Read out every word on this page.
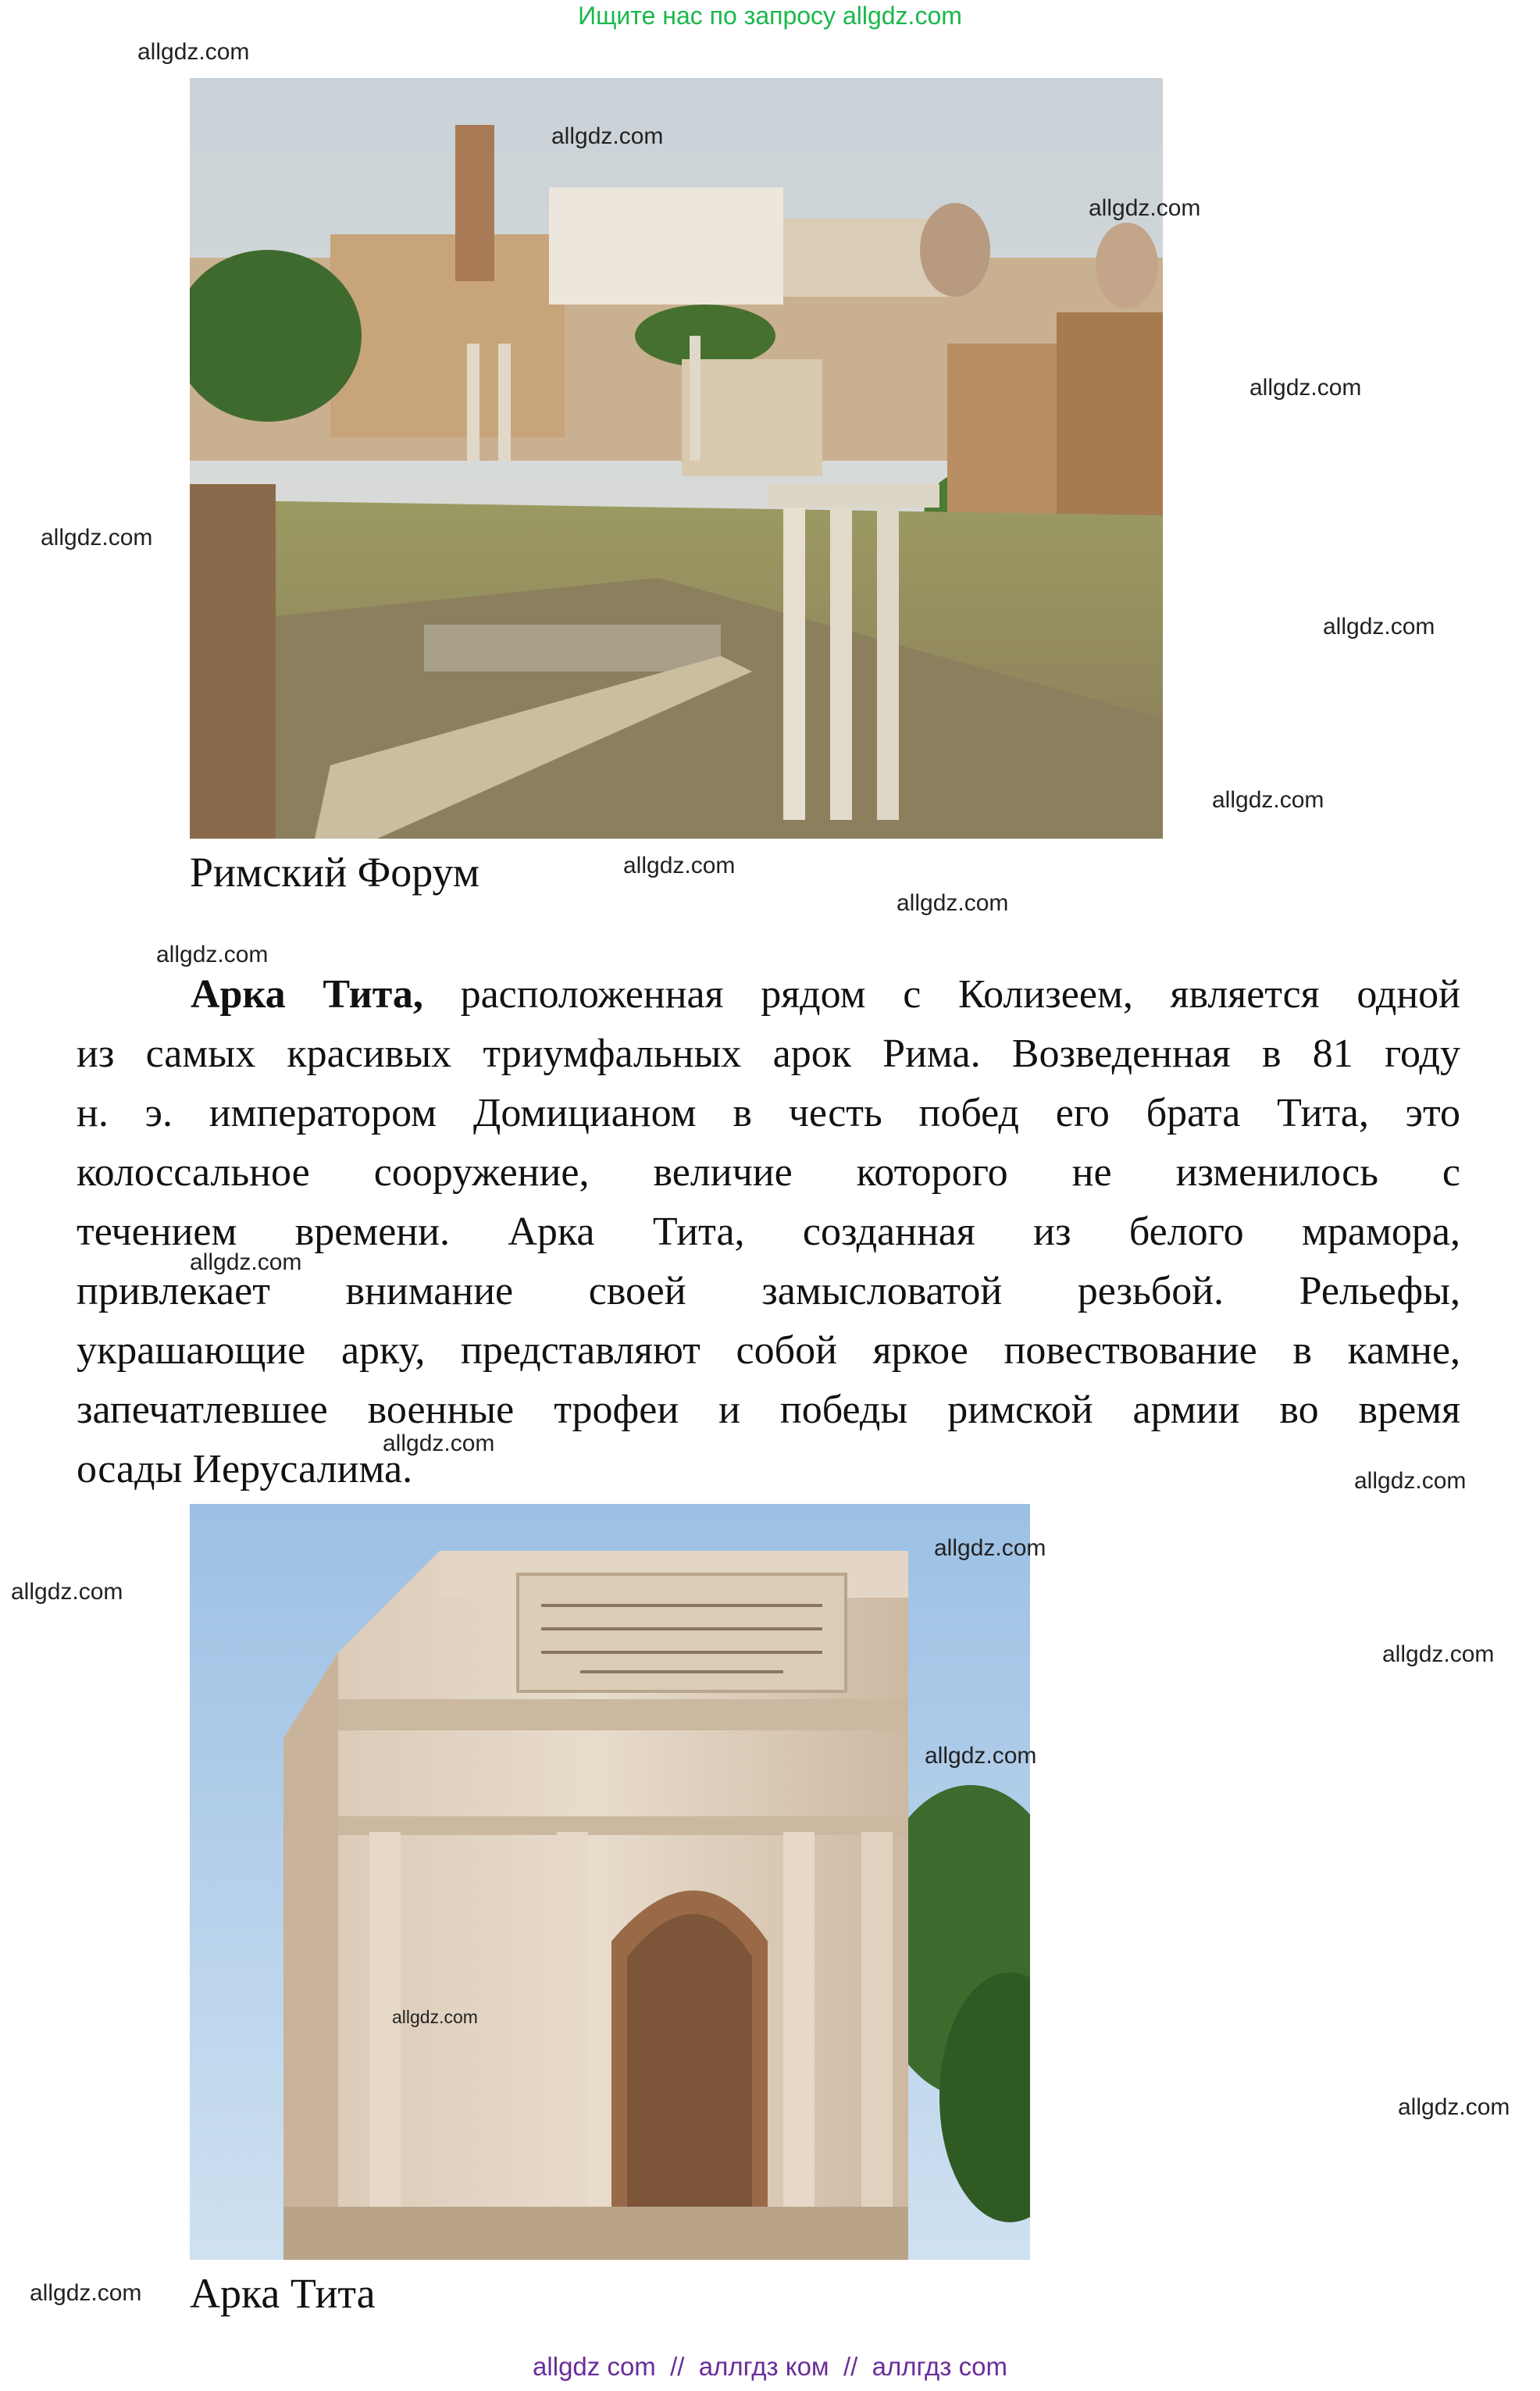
Ищите нас по запросу allgdz.com
Римский Форум
Арка Тита, расположенная рядом с Колизеем, является одной
из самых красивых триумфальных арок Рима. Возведенная в 81 году
н. э. императором Домицианом в честь побед его брата Тита, это
колоссальное сооружение, величие которого не изменилось с
течением времени. Арка Тита, созданная из белого мрамора,
привлекает внимание своей замысловатой резьбой. Рельефы,
украшающие арку, представляют собой яркое повествование в камне,
запечатлевшее военные трофеи и победы римской армии во время
осады Иерусалима.
Арка Тита
allgdz.com
allgdz.com
allgdz.com
allgdz.com
allgdz.com
allgdz.com
allgdz.com
allgdz.com
allgdz.com
allgdz.com
allgdz.com
allgdz.com
allgdz.com
allgdz.com
allgdz.com
allgdz.com
allgdz.com
allgdz.com
allgdz.com
allgdz.com
allgdz com  //  аллгдз ком  //  аллгдз com
